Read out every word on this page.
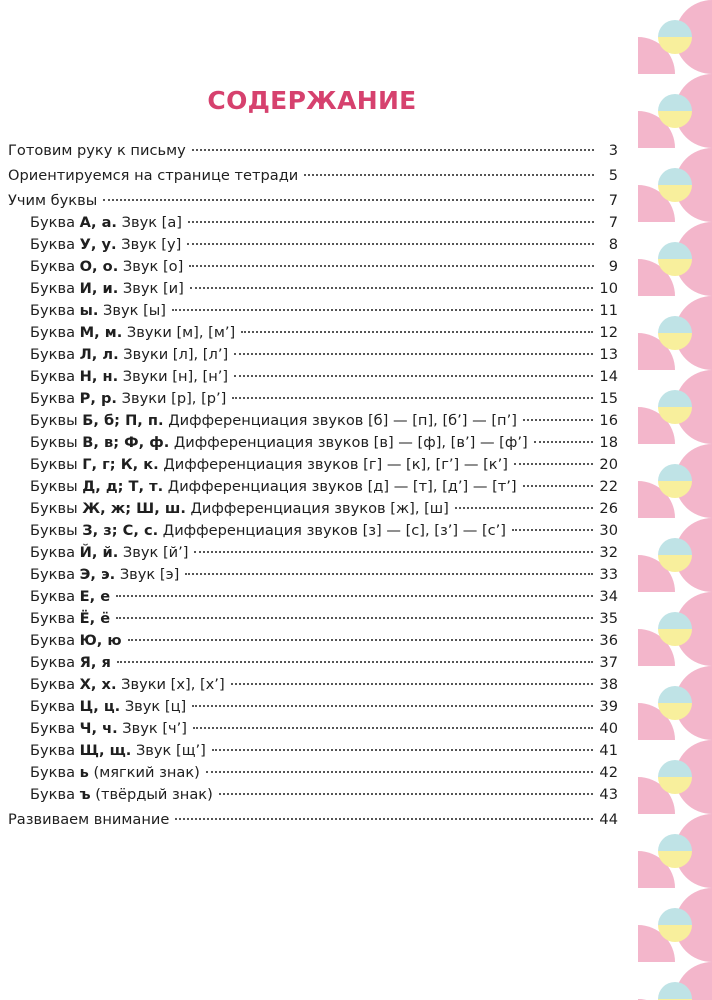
СОДЕРЖАНИЕ
Готовим руку к письму	3
Ориентируемся на странице тетради	5
Учим буквы	7
Буква А, а. Звук [а]	7
Буква У, у. Звук [у]	8
Буква О, о. Звук [о]	9
Буква И, и. Звук [и]	10
Буква ы. Звук [ы]	11
Буква М, м. Звуки [м], [м’]	12
Буква Л, л. Звуки [л], [л’]	13
Буква Н, н. Звуки [н], [н’]	14
Буква Р, р. Звуки [р], [р’]	15
Буквы Б, б; П, п. Дифференциация звуков [б] — [п], [б’] — [п’]	16
Буквы В, в; Ф, ф. Дифференциация звуков [в] — [ф], [в’] — [ф’]	18
Буквы Г, г; К, к. Дифференциация звуков [г] — [к], [г’] — [к’]	20
Буквы Д, д; Т, т. Дифференциация звуков [д] — [т], [д’] — [т’]	22
Буквы Ж, ж; Ш, ш. Дифференциация звуков [ж], [ш]	26
Буквы З, з; С, с. Дифференциация звуков [з] — [с], [з’] — [с’]	30
Буква Й, й. Звук [й’]	32
Буква Э, э. Звук [э]	33
Буква Е, е	34
Буква Ё, ё	35
Буква Ю, ю	36
Буква Я, я	37
Буква Х, х. Звуки [х], [х’]	38
Буква Ц, ц. Звук [ц]	39
Буква Ч, ч. Звук [ч’]	40
Буква Щ, щ. Звук [щ’]	41
Буква ь (мягкий знак)	42
Буква ъ (твёрдый знак)	43
Развиваем внимание	44
